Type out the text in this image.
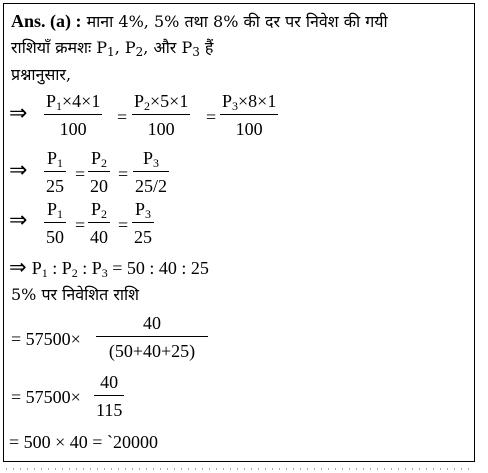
Ans. (a) : माना 4%, 5% तथा 8% की दर पर निवेश की गयी
राशियाँ क्रमशः $P_1$, $P_2$, और $P_3$ हैं
प्रश्नानुसार,
⇒ $P_1\times 4\times 1$
100
=
$P_2\times 5\times 1$
100
=
$P_3\times 8\times 1$
100
⇒ $P_1$
25
=
$P_2$
20
=
$P_3$
25/2
⇒ $P_1$
50
=
$P_2$
40
=
$P_3$
25
⇒ $P_1$ : $P_2$ : $P_3 = 50$ : 40 : 25
5% पर निवेशित राशि
= 57500×
40
(50+40+25)
= 57500×
40
115
= 500 × 40 = `20000
